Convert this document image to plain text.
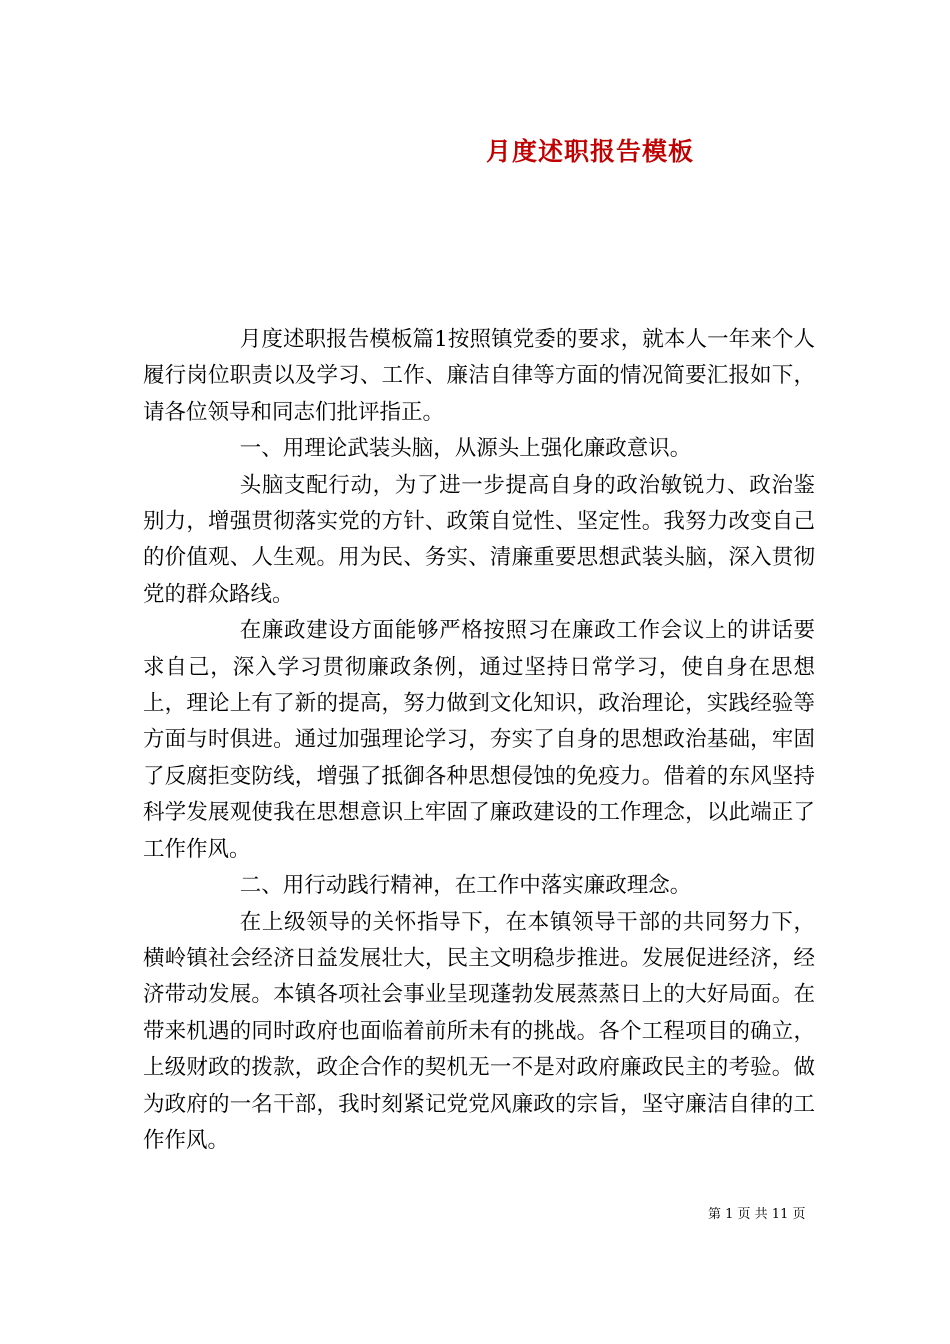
月度述职报告模板

月度述职报告模板篇1按照镇党委的要求，就本人一年来个人履行岗位职责以及学习、工作、廉洁自律等方面的情况简要汇报如下，请各位领导和同志们批评指正。

一、用理论武装头脑，从源头上强化廉政意识。

头脑支配行动，为了进一步提高自身的政治敏锐力、政治鉴别力，增强贯彻落实党的方针、政策自觉性、坚定性。我努力改变自己的价值观、人生观。用为民、务实、清廉重要思想武装头脑，深入贯彻党的群众路线。

在廉政建设方面能够严格按照习在廉政工作会议上的讲话要求自己，深入学习贯彻廉政条例，通过坚持日常学习，使自身在思想上，理论上有了新的提高，努力做到文化知识，政治理论，实践经验等方面与时俱进。通过加强理论学习，夯实了自身的思想政治基础，牢固了反腐拒变防线，增强了抵御各种思想侵蚀的免疫力。借着的东风坚持科学发展观使我在思想意识上牢固了廉政建设的工作理念，以此端正了工作作风。

二、用行动践行精神，在工作中落实廉政理念。

在上级领导的关怀指导下，在本镇领导干部的共同努力下，横岭镇社会经济日益发展壮大，民主文明稳步推进。发展促进经济，经济带动发展。本镇各项社会事业呈现蓬勃发展蒸蒸日上的大好局面。在带来机遇的同时政府也面临着前所未有的挑战。各个工程项目的确立，上级财政的拨款，政企合作的契机无一不是对政府廉政民主的考验。做为政府的一名干部，我时刻紧记党党风廉政的宗旨，坚守廉洁自律的工作作风。

第 1 页 共 11 页
